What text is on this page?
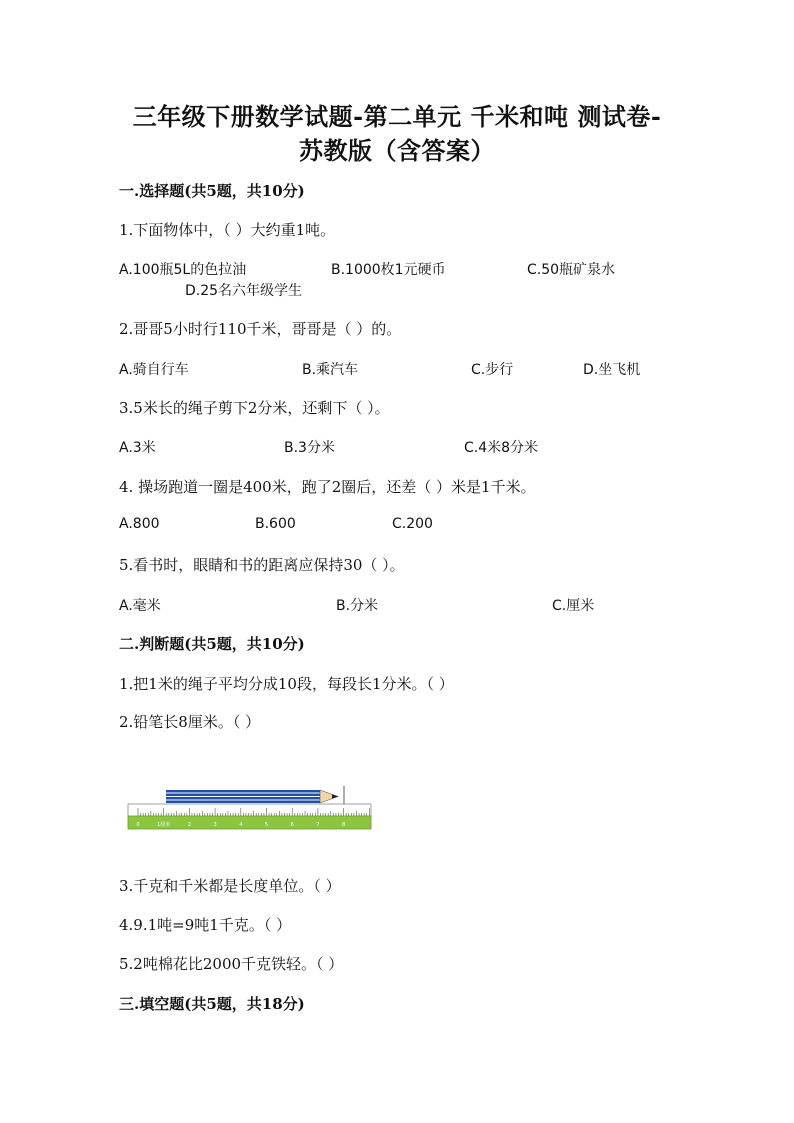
三年级下册数学试题-第二单元 千米和吨 测试卷-
苏教版（含答案）
一.选择题(共5题，共10分)
1.下面物体中，（ ）大约重1吨。
A.100瓶5L的色拉油	B.1000枚1元硬币	C.50瓶矿泉水
D.25名六年级学生
2.哥哥5小时行110千米，哥哥是（ ）的。
A.骑自行车	B.乘汽车	C.步行	D.坐飞机
3.5米长的绳子剪下2分米，还剩下（ ）。
A.3米	B.3分米	C.4米8分米
4. 操场跑道一圈是400米，跑了2圈后，还差（ ）米是1千米。
A.800	B.600	C.200
5.看书时，眼睛和书的距离应保持30（ ）。
A.毫米	B.分米	C.厘米
二.判断题(共5题，共10分)
1.把1米的绳子平均分成10段，每段长1分米。（ ）
2.铅笔长8厘米。（ ）
0	1厘米	2	3	4	5	6	7	8
3.千克和千米都是长度单位。（ ）
4.9.1吨=9吨1千克。（ ）
5.2吨棉花比2000千克铁轻。（ ）
三.填空题(共5题，共18分)
